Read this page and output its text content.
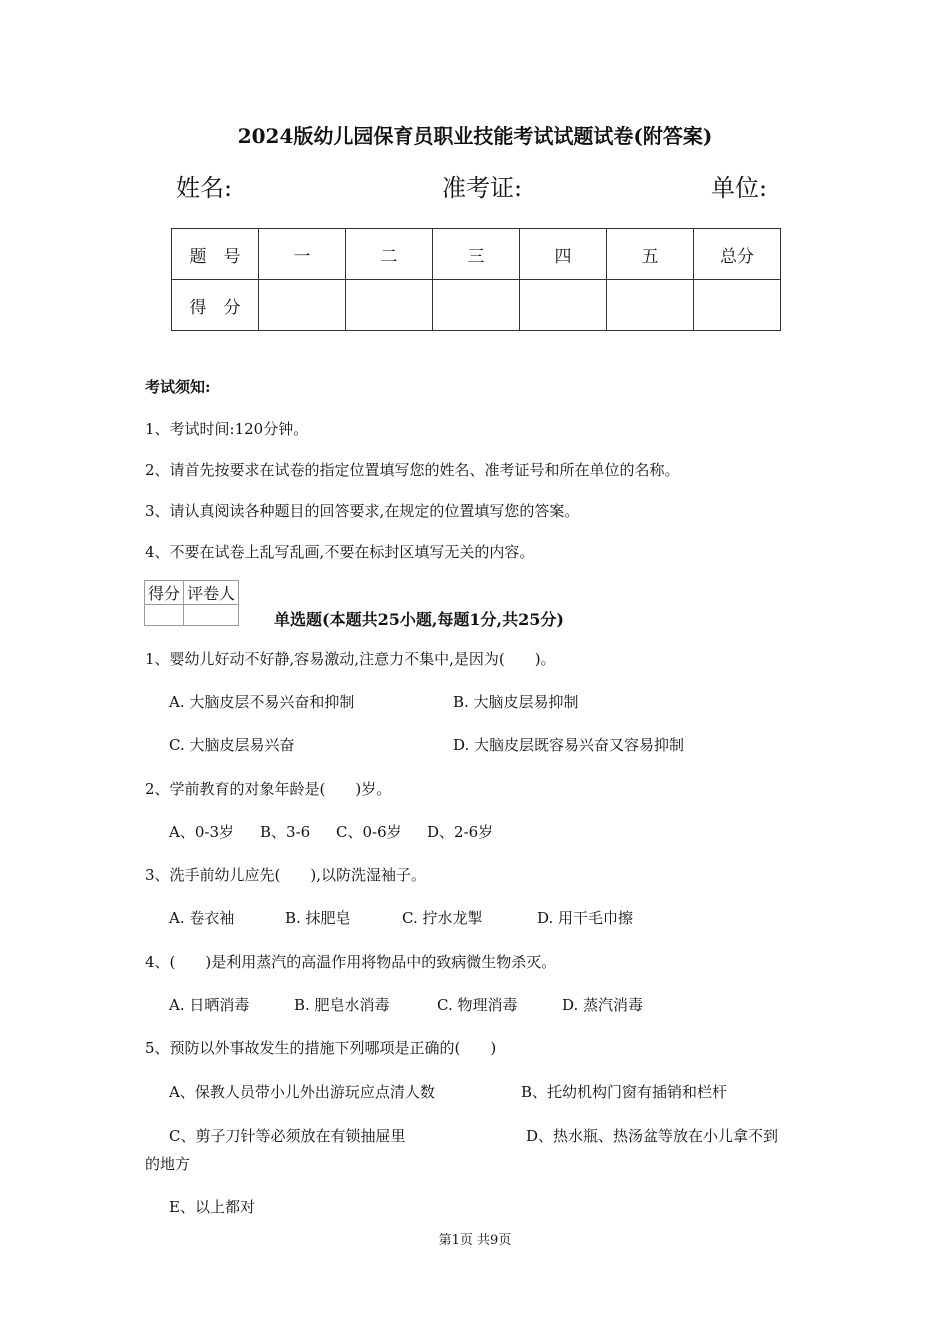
2024版幼儿园保育员职业技能考试试题试卷(附答案)
姓名:	准考证:	单位:
题　号	一	二	三	四	五	总分
得　分						
考试须知:
1、考试时间:120分钟。
2、请首先按要求在试卷的指定位置填写您的姓名、准考证号和所在单位的名称。
3、请认真阅读各种题目的回答要求,在规定的位置填写您的答案。
4、不要在试卷上乱写乱画,不要在标封区填写无关的内容。
得分	评卷人

单选题(本题共25小题,每题1分,共25分)
1、婴幼儿好动不好静,容易激动,注意力不集中,是因为(　　)。
A. 大脑皮层不易兴奋和抑制	B. 大脑皮层易抑制
C. 大脑皮层易兴奋	D. 大脑皮层既容易兴奋又容易抑制
2、学前教育的对象年龄是(　　)岁。
A、0-3岁 B、3-6 C、0-6岁 D、2-6岁
3、洗手前幼儿应先(　　),以防洗湿袖子。
A. 卷衣袖	B. 抹肥皂	C. 拧水龙掣	D. 用干毛巾擦
4、(　　)是利用蒸汽的高温作用将物品中的致病微生物杀灭。
A. 日晒消毒	B. 肥皂水消毒	C. 物理消毒	D. 蒸汽消毒
5、预防以外事故发生的措施下列哪项是正确的(　　)
A、保教人员带小儿外出游玩应点清人数	B、托幼机构门窗有插销和栏杆
C、剪子刀针等必须放在有锁抽屉里	D、热水瓶、热汤盆等放在小儿拿不到
的地方
E、以上都对
第1页 共9页
